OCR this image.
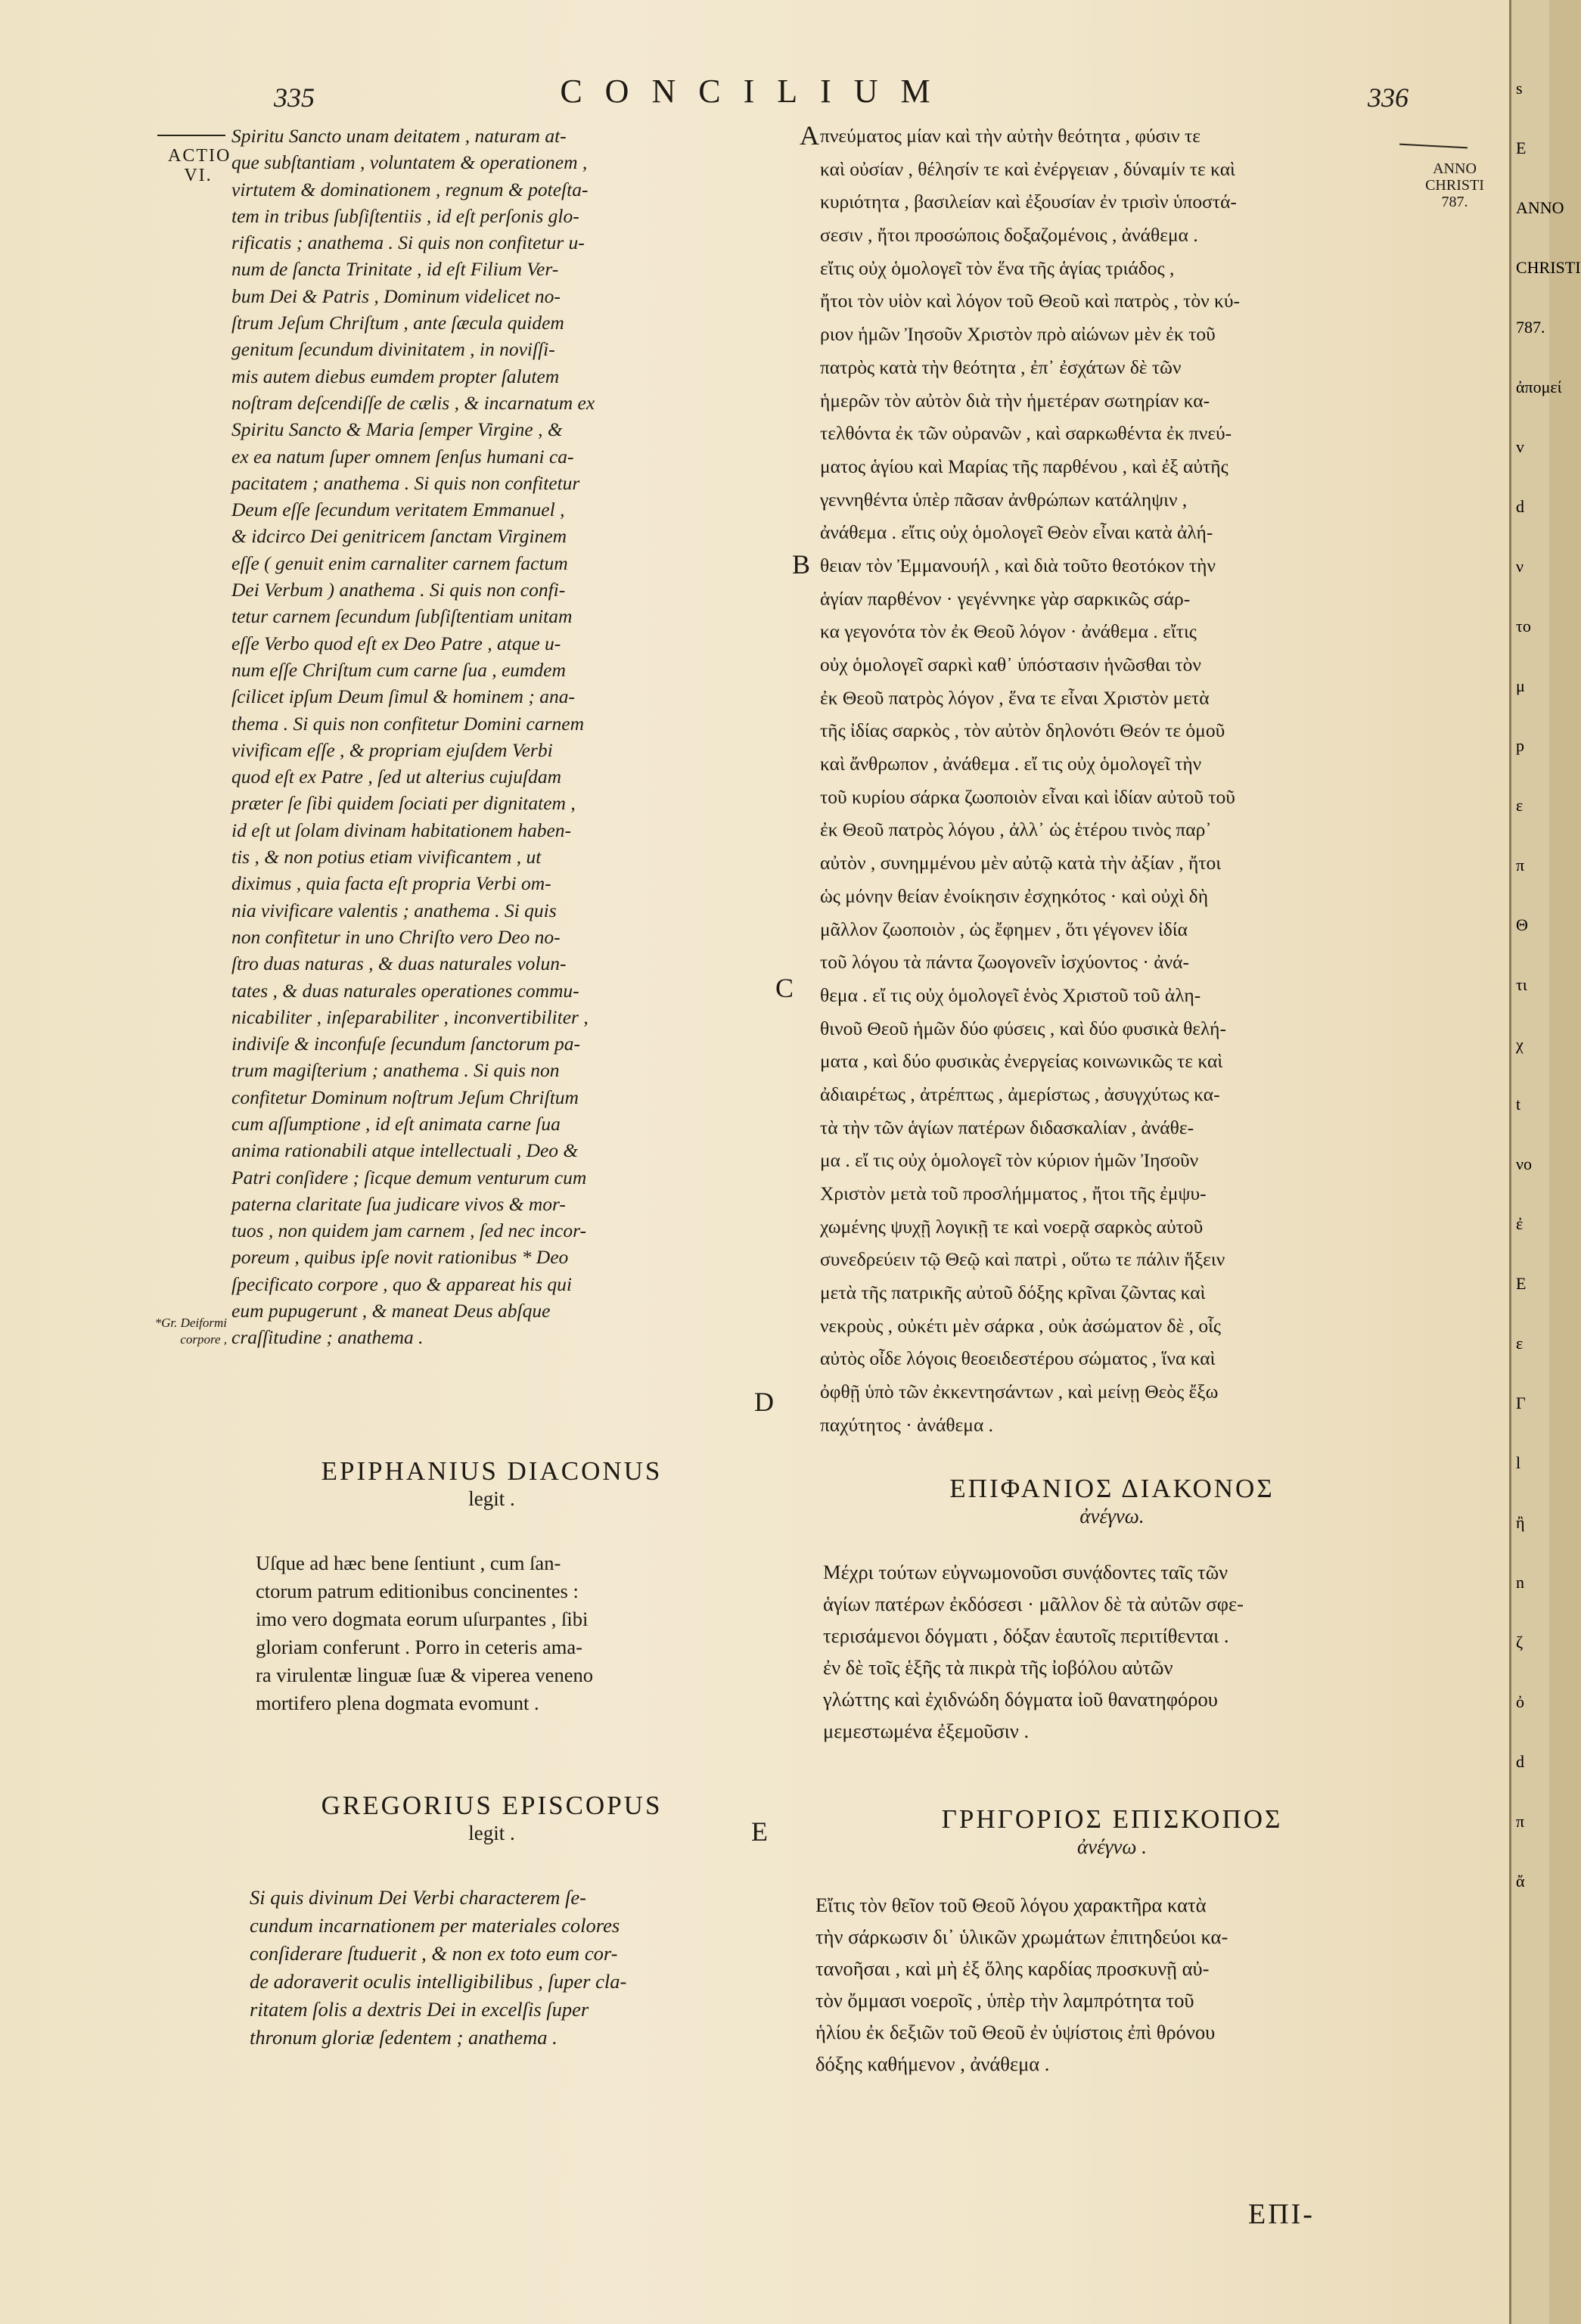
335	CONCILIUM	336
ACTIO
VI.	ANNO
CHRISTI
787.
*Gr. Deiformi
corpore ,
A
B
C
D
E
Spiritu Sancto unam deitatem , naturam at-
que subſtantiam , voluntatem & operationem ,
virtutem & dominationem , regnum & poteſta-
tem in tribus ſubſiſtentiis , id eſt perſonis glo-
rificatis ; anathema . Si quis non confitetur u-
num de ſancta Trinitate , id eſt Filium Ver-
bum Dei & Patris , Dominum videlicet no-
ſtrum Jeſum Chriſtum , ante ſæcula quidem
genitum ſecundum divinitatem , in noviſſi-
mis autem diebus eumdem propter ſalutem
noſtram deſcendiſſe de cælis , & incarnatum ex
Spiritu Sancto & Maria ſemper Virgine , &
ex ea natum ſuper omnem ſenſus humani ca-
pacitatem ; anathema . Si quis non confitetur
Deum eſſe ſecundum veritatem Emmanuel ,
& idcirco Dei genitricem ſanctam Virginem
eſſe ( genuit enim carnaliter carnem factum
Dei Verbum ) anathema . Si quis non confi-
tetur carnem ſecundum ſubſiſtentiam unitam
eſſe Verbo quod eſt ex Deo Patre , atque u-
num eſſe Chriſtum cum carne ſua , eumdem
ſcilicet ipſum Deum ſimul & hominem ; ana-
thema . Si quis non confitetur Domini carnem
vivificam eſſe , & propriam ejuſdem Verbi
quod eſt ex Patre , ſed ut alterius cujuſdam
præter ſe ſibi quidem ſociati per dignitatem ,
id eſt ut ſolam divinam habitationem haben-
tis , & non potius etiam vivificantem , ut
diximus , quia facta eſt propria Verbi om-
nia vivificare valentis ; anathema . Si quis
non confitetur in uno Chriſto vero Deo no-
ſtro duas naturas , & duas naturales volun-
tates , & duas naturales operationes commu-
nicabiliter , inſeparabiliter , inconvertibiliter ,
indiviſe & inconfuſe ſecundum ſanctorum pa-
trum magiſterium ; anathema . Si quis non
confitetur Dominum noſtrum Jeſum Chriſtum
cum aſſumptione , id eſt animata carne ſua
anima rationabili atque intellectuali , Deo &
Patri conſidere ; ſicque demum venturum cum
paterna claritate ſua judicare vivos & mor-
tuos , non quidem jam carnem , ſed nec incor-
poreum , quibus ipſe novit rationibus * Deo
ſpecificato corpore , quo & appareat his qui
eum pupugerunt , & maneat Deus abſque
craſſitudine ; anathema .
πνεύματος μίαν καὶ τὴν αὐτὴν θεότητα , φύσιν τε
καὶ οὐσίαν , θέλησίν τε καὶ ἐνέργειαν , δύναμίν τε καὶ
κυριότητα , βασιλείαν καὶ ἐξουσίαν ἐν τρισὶν ὑποστά-
σεσιν , ἤτοι προσώποις δοξαζομένοις , ἀνάθεμα .
εἴτις οὐχ ὁμολογεῖ τὸν ἕνα τῆς ἁγίας τριάδος ,
ἤτοι τὸν υἱὸν καὶ λόγον τοῦ Θεοῦ καὶ πατρὸς , τὸν κύ-
ριον ἡμῶν Ἰησοῦν Χριστὸν πρὸ αἰώνων μὲν ἐκ τοῦ
πατρὸς κατὰ τὴν θεότητα , ἐπ᾽ ἐσχάτων δὲ τῶν
ἡμερῶν τὸν αὐτὸν διὰ τὴν ἡμετέραν σωτηρίαν κα-
τελθόντα ἐκ τῶν οὐρανῶν , καὶ σαρκωθέντα ἐκ πνεύ-
ματος ἁγίου καὶ Μαρίας τῆς παρθένου , καὶ ἐξ αὐτῆς
γεννηθέντα ὑπὲρ πᾶσαν ἀνθρώπων κατάληψιν ,
ἀνάθεμα . εἴτις οὐχ ὁμολογεῖ Θεὸν εἶναι κατὰ ἀλή-
θειαν τὸν Ἐμμανουήλ , καὶ διὰ τοῦτο θεοτόκον τὴν
ἁγίαν παρθένον · γεγέννηκε γὰρ σαρκικῶς σάρ-
κα γεγονότα τὸν ἐκ Θεοῦ λόγον · ἀνάθεμα . εἴτις
οὐχ ὁμολογεῖ σαρκὶ καθ᾽ ὑπόστασιν ἡνῶσθαι τὸν
ἐκ Θεοῦ πατρὸς λόγον , ἕνα τε εἶναι Χριστὸν μετὰ
τῆς ἰδίας σαρκὸς , τὸν αὐτὸν δηλονότι Θεόν τε ὁμοῦ
καὶ ἄνθρωπον , ἀνάθεμα . εἴ τις οὐχ ὁμολογεῖ τὴν
τοῦ κυρίου σάρκα ζωοποιὸν εἶναι καὶ ἰδίαν αὐτοῦ τοῦ
ἐκ Θεοῦ πατρὸς λόγου , ἀλλ᾽ ὡς ἑτέρου τινὸς παρ᾽
αὐτὸν , συνημμένου μὲν αὐτῷ κατὰ τὴν ἀξίαν , ἤτοι
ὡς μόνην θείαν ἐνοίκησιν ἐσχηκότος · καὶ οὐχὶ δὴ
μᾶλλον ζωοποιὸν , ὡς ἔφημεν , ὅτι γέγονεν ἰδία
τοῦ λόγου τὰ πάντα ζωογονεῖν ἰσχύοντος · ἀνά-
θεμα . εἴ τις οὐχ ὁμολογεῖ ἑνὸς Χριστοῦ τοῦ ἀλη-
θινοῦ Θεοῦ ἡμῶν δύο φύσεις , καὶ δύο φυσικὰ θελή-
ματα , καὶ δύο φυσικὰς ἐνεργείας κοινωνικῶς τε καὶ
ἀδιαιρέτως , ἀτρέπτως , ἀμερίστως , ἀσυγχύτως κα-
τὰ τὴν τῶν ἁγίων πατέρων διδασκαλίαν , ἀνάθε-
μα . εἴ τις οὐχ ὁμολογεῖ τὸν κύριον ἡμῶν Ἰησοῦν
Χριστὸν μετὰ τοῦ προσλήμματος , ἤτοι τῆς ἐμψυ-
χωμένης ψυχῇ λογικῇ τε καὶ νοερᾷ σαρκὸς αὐτοῦ
συνεδρεύειν τῷ Θεῷ καὶ πατρὶ , οὕτω τε πάλιν ἥξειν
μετὰ τῆς πατρικῆς αὐτοῦ δόξης κρῖναι ζῶντας καὶ
νεκροὺς , οὐκέτι μὲν σάρκα , οὐκ ἀσώματον δὲ , οἷς
αὐτὸς οἶδε λόγοις θεοειδεστέρου σώματος , ἵνα καὶ
ὀφθῇ ὑπὸ τῶν ἐκκεντησάντων , καὶ μείνῃ Θεὸς ἔξω
παχύτητος · ἀνάθεμα .
EPIPHANIUS DIACONUS
legit .	ΕΠΙΦΑΝΙΟΣ ΔΙΑΚΟΝΟΣ
ἀνέγνω.
Uſque ad hæc bene ſentiunt , cum ſan-
ctorum patrum editionibus concinentes :
imo vero dogmata eorum uſurpantes , ſibi
gloriam conferunt . Porro in ceteris ama-
ra virulentæ linguæ ſuæ & viperea veneno
mortifero plena dogmata evomunt .
Μέχρι τούτων εὐγνωμονοῦσι συνᾴδοντες ταῖς τῶν
ἁγίων πατέρων ἐκδόσεσι · μᾶλλον δὲ τὰ αὐτῶν σφε-
τερισάμενοι δόγματι , δόξαν ἑαυτοῖς περιτίθενται .
ἐν δὲ τοῖς ἑξῆς τὰ πικρὰ τῆς ἰοβόλου αὐτῶν
γλώττης καὶ ἐχιδνώδη δόγματα ἰοῦ θανατηφόρου
μεμεστωμένα ἐξεμοῦσιν .
GREGORIUS EPISCOPUS
legit .	ΓΡΗΓΟΡΙΟΣ ΕΠΙΣΚΟΠΟΣ
ἀνέγνω .
Si quis divinum Dei Verbi characterem ſe-
cundum incarnationem per materiales colores
conſiderare ſtuduerit , & non ex toto eum cor-
de adoraverit oculis intelligibilibus , ſuper cla-
ritatem ſolis a dextris Dei in excelſis ſuper
thronum gloriæ ſedentem ; anathema .
Εἴτις τὸν θεῖον τοῦ Θεοῦ λόγου χαρακτῆρα κατὰ
τὴν σάρκωσιν δι᾽ ὑλικῶν χρωμάτων ἐπιτηδεύοι κα-
τανοῆσαι , καὶ μὴ ἐξ ὅλης καρδίας προσκυνῇ αὐ-
τὸν ὄμμασι νοεροῖς , ὑπὲρ τὴν λαμπρότητα τοῦ
ἡλίου ἐκ δεξιῶν τοῦ Θεοῦ ἐν ὑψίστοις ἐπὶ θρόνου
δόξης καθήμενον , ἀνάθεμα .
ΕΠΙ-
s
E
ANNO
CHRISTI
787.
ἀπομεί
v
d
ν
το
μ
p
ε
π
Θ
τι
χ
t
νo
ἐ
Ε
ε
Γ
l
ἢ
n
ζ
ὀ
d
π
ἄ
